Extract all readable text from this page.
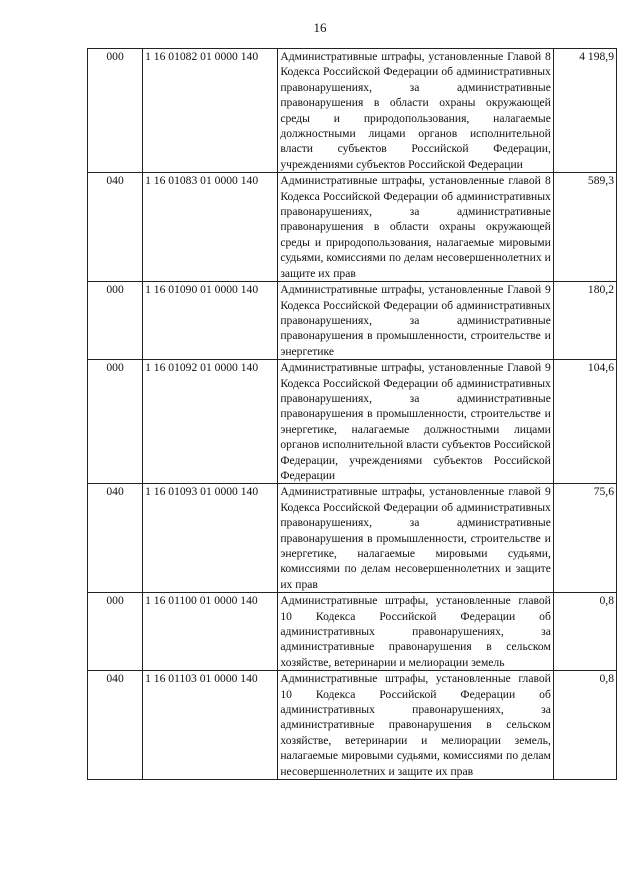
16
000	1 16 01082 01 0000 140	Административные штрафы, установленные Главой 8 Кодекса Российской Федерации об административных правонарушениях, за административные правонарушения в области охраны окружающей среды и природопользования, налагаемые должностными лицами органов исполнительной власти субъектов Российской Федерации, учреждениями субъектов Российской Федерации	4 198,9
040	1 16 01083 01 0000 140	Административные штрафы, установленные главой 8 Кодекса Российской Федерации об административных правонарушениях, за административные правонарушения в области охраны окружающей среды и природопользования, налагаемые мировыми судьями, комиссиями по делам несовершеннолетних и защите их прав	589,3
000	1 16 01090 01 0000 140	Административные штрафы, установленные Главой 9 Кодекса Российской Федерации об административных правонарушениях, за административные правонарушения в промышленности, строительстве и энергетике	180,2
000	1 16 01092 01 0000 140	Административные штрафы, установленные Главой 9 Кодекса Российской Федерации об административных правонарушениях, за административные правонарушения в промышленности, строительстве и энергетике, налагаемые должностными лицами органов исполнительной власти субъектов Российской Федерации, учреждениями субъектов Российской Федерации	104,6
040	1 16 01093 01 0000 140	Административные штрафы, установленные главой 9 Кодекса Российской Федерации об административных правонарушениях, за административные правонарушения в промышленности, строительстве и энергетике, налагаемые мировыми судьями, комиссиями по делам несовершеннолетних и защите их прав	75,6
000	1 16 01100 01 0000 140	Административные штрафы, установленные главой 10 Кодекса Российской Федерации об административных правонарушениях, за административные правонарушения в сельском хозяйстве, ветеринарии и мелиорации земель	0,8
040	1 16 01103 01 0000 140	Административные штрафы, установленные главой 10 Кодекса Российской Федерации об административных правонарушениях, за административные правонарушения в сельском хозяйстве, ветеринарии и мелиорации земель, налагаемые мировыми судьями, комиссиями по делам несовершеннолетних и защите их прав	0,8
